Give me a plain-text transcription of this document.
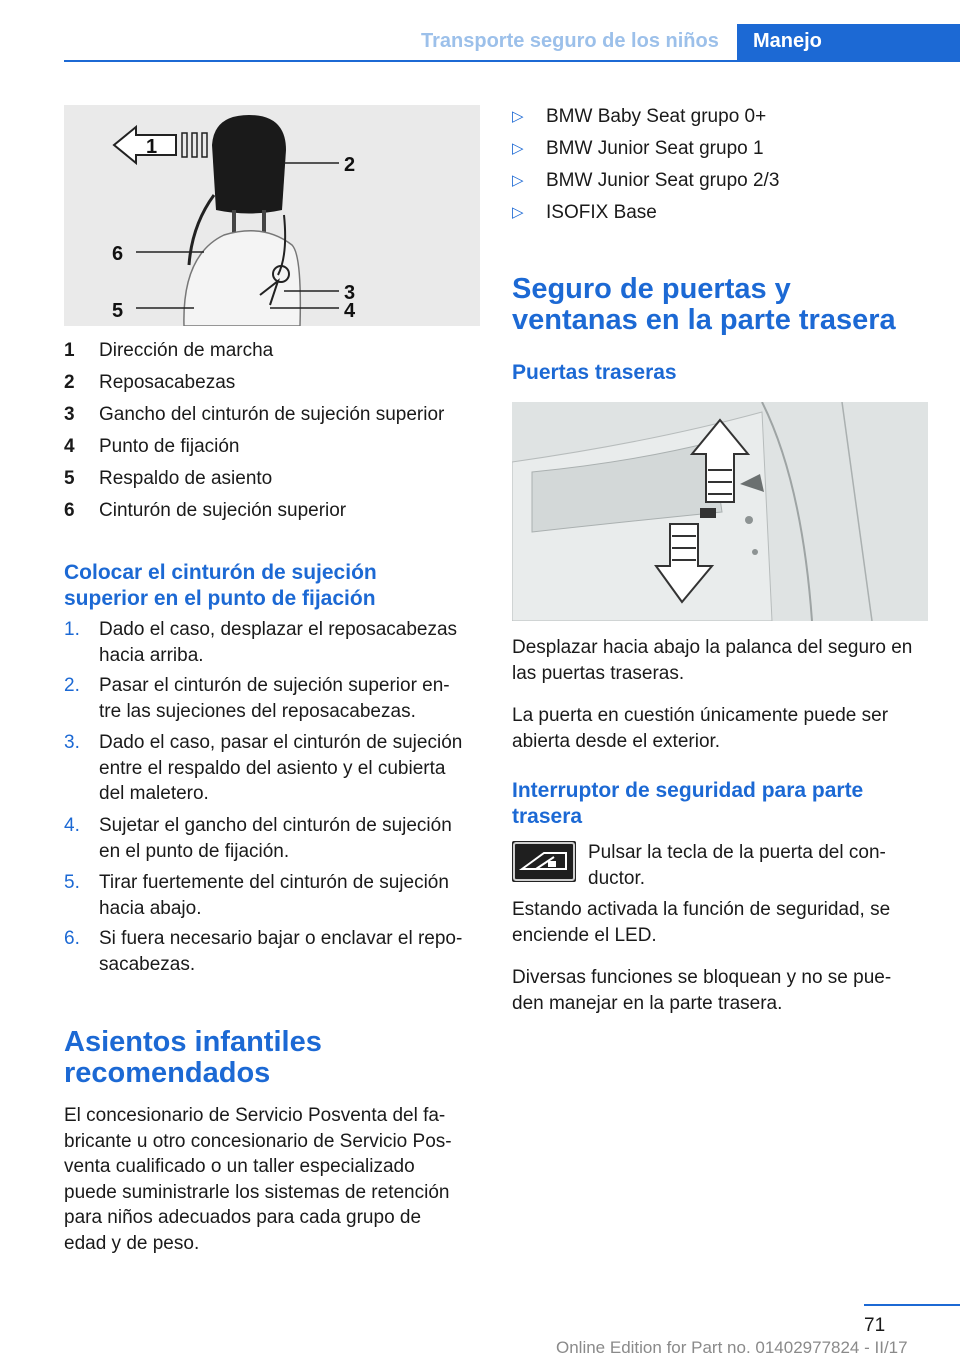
Transporte seguro de los niños Manejo
1
2
6
3
5	4
1	Dirección de marcha
2	Reposacabezas
3	Gancho del cinturón de sujeción superior
4	Punto de fijación
5	Respaldo de asiento
6	Cinturón de sujeción superior
Colocar el cinturón de sujeción
superior en el punto de fijación
1. Dado el caso, desplazar el reposacabezas
hacia arriba.
2. Pasar el cinturón de sujeción superior en‐
tre las sujeciones del reposacabezas.
3. Dado el caso, pasar el cinturón de sujeción
entre el respaldo del asiento y el cubierta
del maletero.
4. Sujetar el gancho del cinturón de sujeción
en el punto de fijación.
5. Tirar fuertemente del cinturón de sujeción
hacia abajo.
6. Si fuera necesario bajar o enclavar el repo‐
sacabezas.
Asientos infantiles
recomendados
El concesionario de Servicio Posventa del fa‐
bricante u otro concesionario de Servicio Pos‐
venta cualificado o un taller especializado
puede suministrarle los sistemas de retención
para niños adecuados para cada grupo de
edad y de peso.
▷ BMW Baby Seat grupo 0+
▷ BMW Junior Seat grupo 1
▷ BMW Junior Seat grupo 2/3
▷ ISOFIX Base
Seguro de puertas y
ventanas en la parte trasera
Puertas traseras
Desplazar hacia abajo la palanca del seguro en
las puertas traseras.
La puerta en cuestión únicamente puede ser
abierta desde el exterior.
Interruptor de seguridad para parte
trasera
Pulsar la tecla de la puerta del con‐
ductor.
Estando activada la función de seguridad, se
enciende el LED.
Diversas funciones se bloquean y no se pue‐
den manejar en la parte trasera.
71
Online Edition for Part no. 01402977824 - II/17
